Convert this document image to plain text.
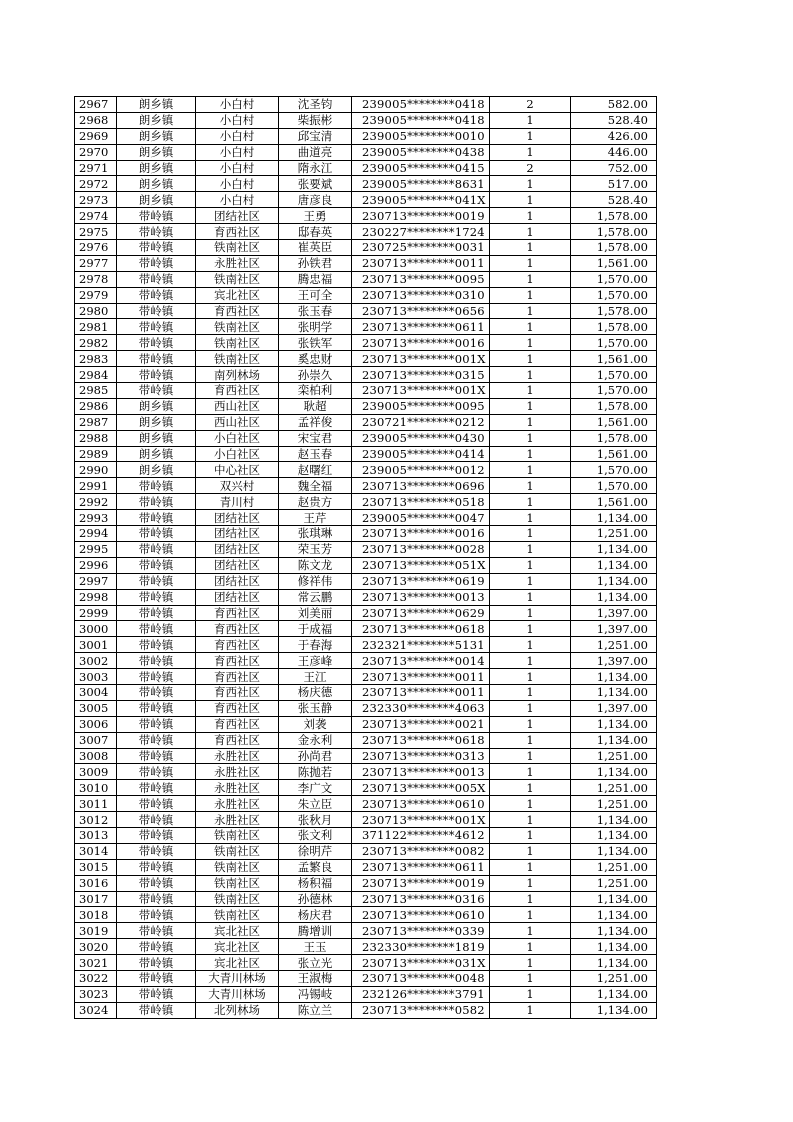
2967	朗乡镇	小白村	沈圣钧	239005********0418	2	582.00
2968	朗乡镇	小白村	柴振彬	239005********0418	1	528.40
2969	朗乡镇	小白村	邱宝清	239005********0010	1	426.00
2970	朗乡镇	小白村	曲道亮	239005********0438	1	446.00
2971	朗乡镇	小白村	隋永江	239005********0415	2	752.00
2972	朗乡镇	小白村	张要斌	239005********8631	1	517.00
2973	朗乡镇	小白村	唐彦良	239005********041X	1	528.40
2974	带岭镇	团结社区	王勇	230713********0019	1	1,578.00
2975	带岭镇	育西社区	邸春英	230227********1724	1	1,578.00
2976	带岭镇	铁南社区	崔英臣	230725********0031	1	1,578.00
2977	带岭镇	永胜社区	孙铁君	230713********0011	1	1,561.00
2978	带岭镇	铁南社区	腾忠福	230713********0095	1	1,570.00
2979	带岭镇	宾北社区	王可全	230713********0310	1	1,570.00
2980	带岭镇	育西社区	张玉春	230713********0656	1	1,578.00
2981	带岭镇	铁南社区	张明学	230713********0611	1	1,578.00
2982	带岭镇	铁南社区	张铁军	230713********0016	1	1,570.00
2983	带岭镇	铁南社区	奚忠财	230713********001X	1	1,561.00
2984	带岭镇	南列林场	孙崇久	230713********0315	1	1,570.00
2985	带岭镇	育西社区	栾柏利	230713********001X	1	1,570.00
2986	朗乡镇	西山社区	耿超	239005********0095	1	1,578.00
2987	朗乡镇	西山社区	孟祥俊	230721********0212	1	1,561.00
2988	朗乡镇	小白社区	宋宝君	239005********0430	1	1,578.00
2989	朗乡镇	小白社区	赵玉春	239005********0414	1	1,561.00
2990	朗乡镇	中心社区	赵曙红	239005********0012	1	1,570.00
2991	带岭镇	双兴村	魏全福	230713********0696	1	1,570.00
2992	带岭镇	青川村	赵贵方	230713********0518	1	1,561.00
2993	带岭镇	团结社区	王芹	239005********0047	1	1,134.00
2994	带岭镇	团结社区	张琪琳	230713********0016	1	1,251.00
2995	带岭镇	团结社区	荣玉芳	230713********0028	1	1,134.00
2996	带岭镇	团结社区	陈文龙	230713********051X	1	1,134.00
2997	带岭镇	团结社区	修祥伟	230713********0619	1	1,134.00
2998	带岭镇	团结社区	常云鹏	230713********0013	1	1,134.00
2999	带岭镇	育西社区	刘美丽	230713********0629	1	1,397.00
3000	带岭镇	育西社区	于成福	230713********0618	1	1,397.00
3001	带岭镇	育西社区	于春海	232321********5131	1	1,251.00
3002	带岭镇	育西社区	王彦峰	230713********0014	1	1,397.00
3003	带岭镇	育西社区	王江	230713********0011	1	1,134.00
3004	带岭镇	育西社区	杨庆德	230713********0011	1	1,134.00
3005	带岭镇	育西社区	张玉静	232330********4063	1	1,397.00
3006	带岭镇	育西社区	刘袭	230713********0021	1	1,134.00
3007	带岭镇	育西社区	金永利	230713********0618	1	1,134.00
3008	带岭镇	永胜社区	孙尚君	230713********0313	1	1,251.00
3009	带岭镇	永胜社区	陈抛若	230713********0013	1	1,134.00
3010	带岭镇	永胜社区	李广文	230713********005X	1	1,251.00
3011	带岭镇	永胜社区	朱立臣	230713********0610	1	1,251.00
3012	带岭镇	永胜社区	张秋月	230713********001X	1	1,134.00
3013	带岭镇	铁南社区	张文利	371122********4612	1	1,134.00
3014	带岭镇	铁南社区	徐明芹	230713********0082	1	1,134.00
3015	带岭镇	铁南社区	孟繁良	230713********0611	1	1,251.00
3016	带岭镇	铁南社区	杨积福	230713********0019	1	1,251.00
3017	带岭镇	铁南社区	孙德林	230713********0316	1	1,134.00
3018	带岭镇	铁南社区	杨庆君	230713********0610	1	1,134.00
3019	带岭镇	宾北社区	腾增训	230713********0339	1	1,134.00
3020	带岭镇	宾北社区	王玉	232330********1819	1	1,134.00
3021	带岭镇	宾北社区	张立光	230713********031X	1	1,134.00
3022	带岭镇	大青川林场	王淑梅	230713********0048	1	1,251.00
3023	带岭镇	大青川林场	冯锡岐	232126********3791	1	1,134.00
3024	带岭镇	北列林场	陈立兰	230713********0582	1	1,134.00
